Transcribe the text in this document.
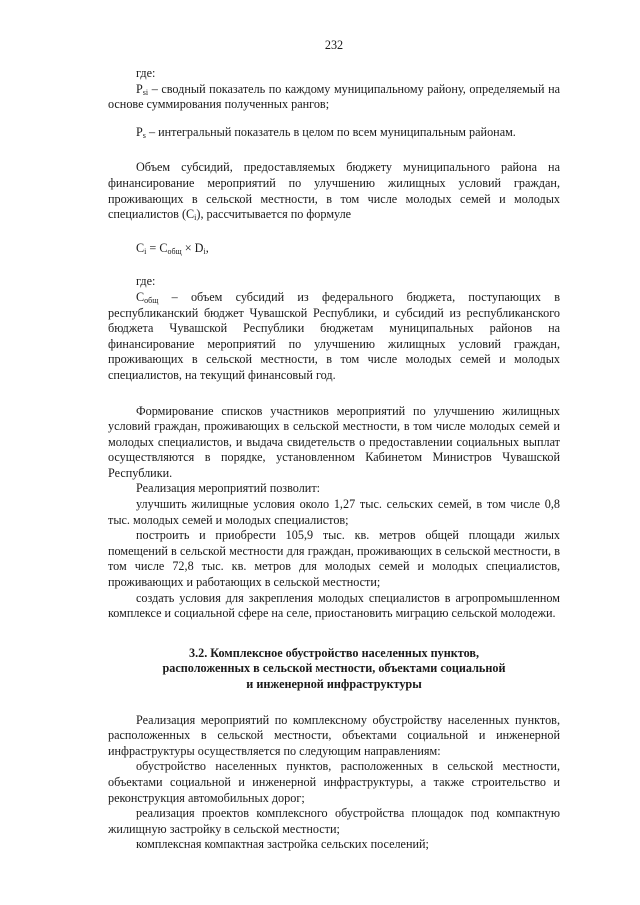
232

где:

$P_{si}$ – сводный показатель по каждому муниципальному району, определяемый на основе суммирования полученных рангов;

$P_s$ – интегральный показатель в целом по всем муниципальным районам.

Объем субсидий, предоставляемых бюджету муниципального района на финансирование мероприятий по улучшению жилищных условий граждан, проживающих в сельской местности, в том числе молодых семей и молодых специалистов $(C_i)$, рассчитывается по формуле

$C_i = C_{общ} \times D_i$,

где:

$C_{общ}$ – объем субсидий из федерального бюджета, поступающих в республиканский бюджет Чувашской Республики, и субсидий из республиканского бюджета Чувашской Республики бюджетам муниципальных районов на финансирование мероприятий по улучшению жилищных условий граждан, проживающих в сельской местности, в том числе молодых семей и молодых специалистов, на текущий финансовый год.

Формирование списков участников мероприятий по улучшению жилищных условий граждан, проживающих в сельской местности, в том числе молодых семей и молодых специалистов, и выдача свидетельств о предоставлении социальных выплат осуществляются в порядке, установленном Кабинетом Министров Чувашской Республики.

Реализация мероприятий позволит:

улучшить жилищные условия около 1,27 тыс. сельских семей, в том числе 0,8 тыс. молодых семей и молодых специалистов;

построить и приобрести 105,9 тыс. кв. метров общей площади жилых помещений в сельской местности для граждан, проживающих в сельской местности, в том числе 72,8 тыс. кв. метров для молодых семей и молодых специалистов, проживающих и работающих в сельской местности;

создать условия для закрепления молодых специалистов в агропромышленном комплексе и социальной сфере на селе, приостановить миграцию сельской молодежи.

3.2. Комплексное обустройство населенных пунктов,
расположенных в сельской местности, объектами социальной
и инженерной инфраструктуры

Реализация мероприятий по комплексному обустройству населенных пунктов, расположенных в сельской местности, объектами социальной и инженерной инфраструктуры осуществляется по следующим направлениям:

обустройство населенных пунктов, расположенных в сельской местности, объектами социальной и инженерной инфраструктуры, а также строительство и реконструкция автомобильных дорог;

реализация проектов комплексного обустройства площадок под компактную жилищную застройку в сельской местности;

комплексная компактная застройка сельских поселений;
